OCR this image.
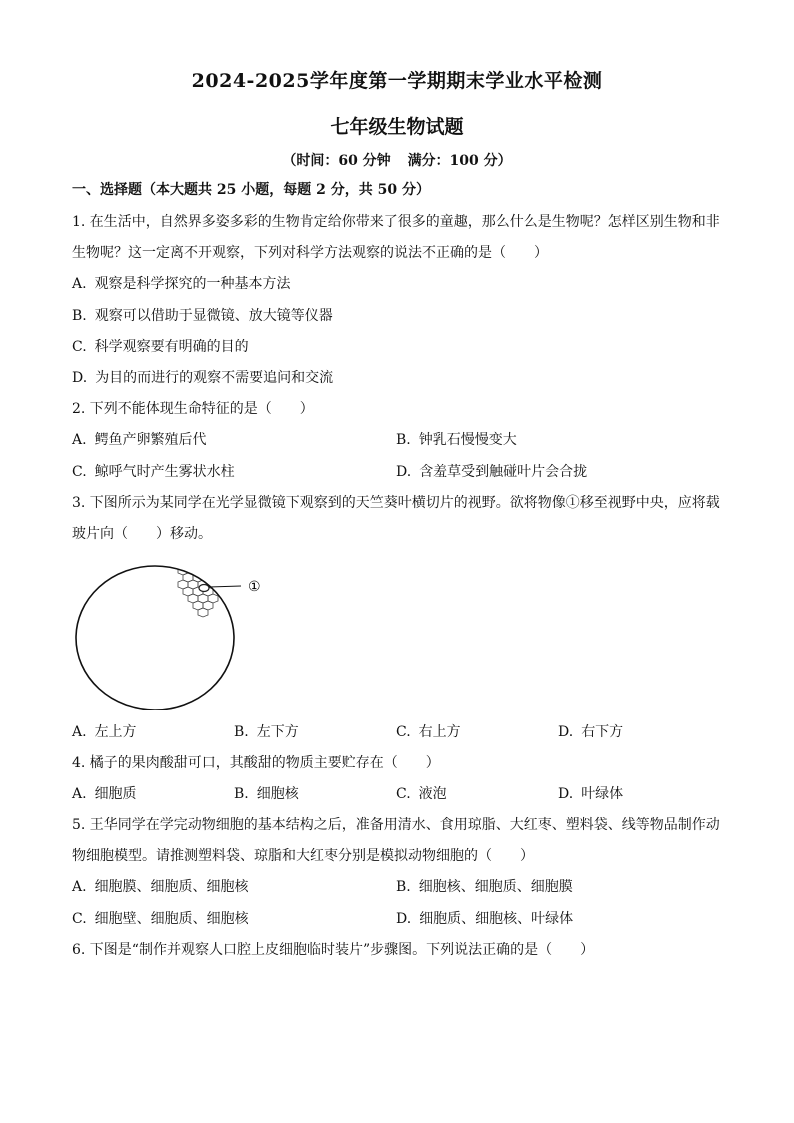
2024-2025学年度第一学期期末学业水平检测
七年级生物试题
（时间：60 分钟 满分：100 分）
一、选择题（本大题共 25 小题，每题 2 分，共 50 分）
1. 在生活中，自然界多姿多彩的生物肯定给你带来了很多的童趣，那么什么是生物呢？怎样区别生物和非
生物呢？这一定离不开观察，下列对科学方法观察的说法不正确的是（　　）
A. 观察是科学探究的一种基本方法
B. 观察可以借助于显微镜、放大镜等仪器
C. 科学观察要有明确的目的
D. 为目的而进行的观察不需要追问和交流
2. 下列不能体现生命特征的是（　　）
A. 鳄鱼产卵繁殖后代	B. 钟乳石慢慢变大
C. 鲸呼气时产生雾状水柱	D. 含羞草受到触碰叶片会合拢
3. 下图所示为某同学在光学显微镜下观察到的天竺葵叶横切片的视野。欲将物像①移至视野中央，应将载
玻片向（　　）移动。
①
A. 左上方	B. 左下方	C. 右上方	D. 右下方
4. 橘子的果肉酸甜可口，其酸甜的物质主要贮存在（　　）
A. 细胞质	B. 细胞核	C. 液泡	D. 叶绿体
5. 王华同学在学完动物细胞的基本结构之后，准备用清水、食用琼脂、大红枣、塑料袋、线等物品制作动
物细胞模型。请推测塑料袋、琼脂和大红枣分别是模拟动物细胞的（　　）
A. 细胞膜、细胞质、细胞核	B. 细胞核、细胞质、细胞膜
C. 细胞壁、细胞质、细胞核	D. 细胞质、细胞核、叶绿体
6. 下图是“制作并观察人口腔上皮细胞临时装片”步骤图。下列说法正确的是（　　）
